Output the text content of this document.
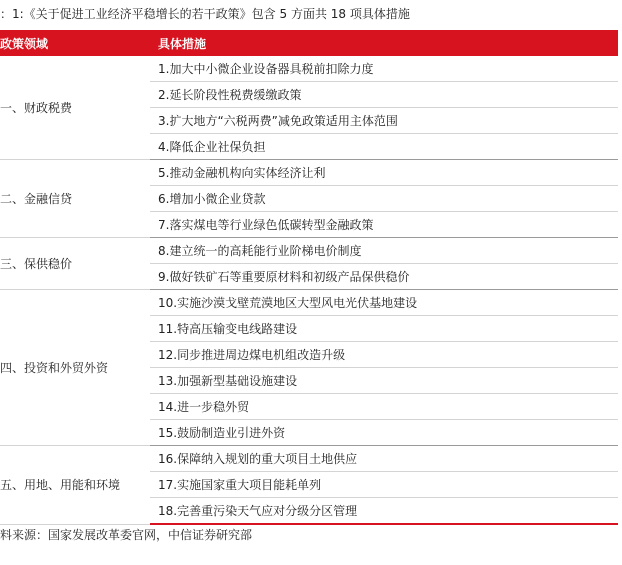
：1:《关于促进工业经济平稳增长的若干政策》包含 5 方面共 18 项具体措施
政策领域	具体措施
一、财政税费	1.加大中小微企业设备器具税前扣除力度
	2.延长阶段性税费缓缴政策
	3.扩大地方“六税两费”减免政策适用主体范围
	4.降低企业社保负担
二、金融信贷	5.推动金融机构向实体经济让利
	6.增加小微企业贷款
	7.落实煤电等行业绿色低碳转型金融政策
三、保供稳价	8.建立统一的高耗能行业阶梯电价制度
	9.做好铁矿石等重要原材料和初级产品保供稳价
四、投资和外贸外资	10.实施沙漠戈壁荒漠地区大型风电光伏基地建设
	11.特高压输变电线路建设
	12.同步推进周边煤电机组改造升级
	13.加强新型基础设施建设
	14.进一步稳外贸
	15.鼓励制造业引进外资
五、用地、用能和环境	16.保障纳入规划的重大项目土地供应
	17.实施国家重大项目能耗单列
	18.完善重污染天气应对分级分区管理
料来源：国家发展改革委官网，中信证券研究部
